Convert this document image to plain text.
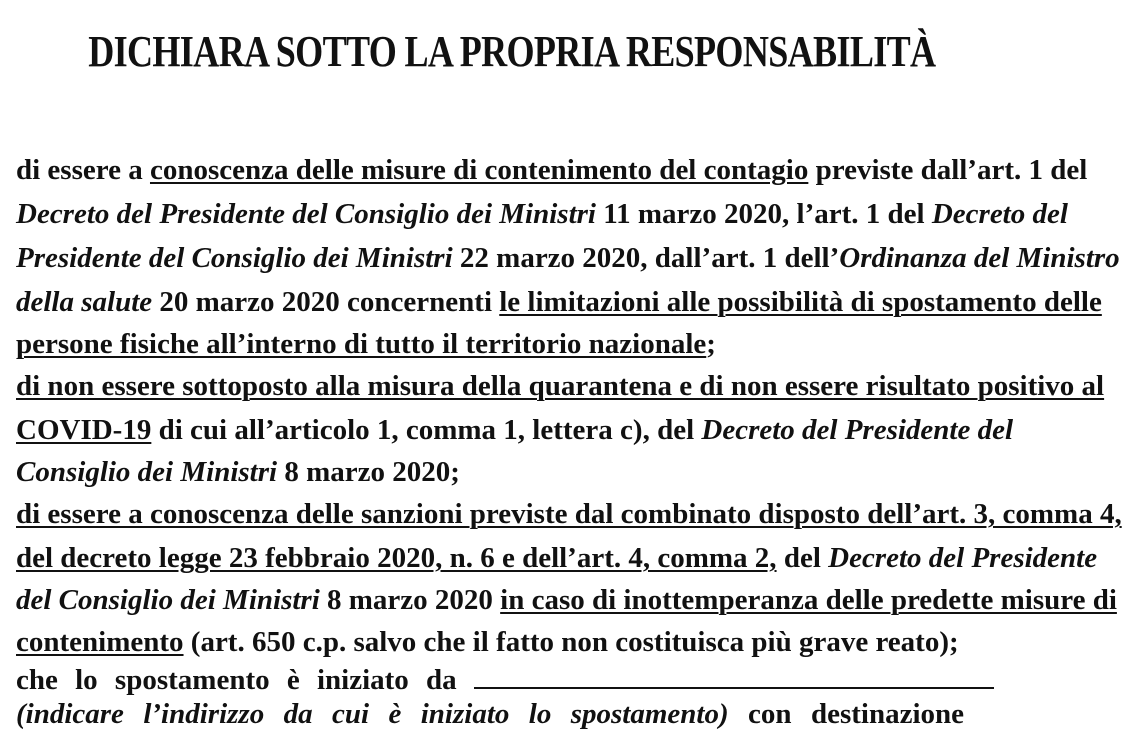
DICHIARA SOTTO LA PROPRIA RESPONSABILITÀ
di essere a conoscenza delle misure di contenimento del contagio previste dall’art. 1 del
Decreto del Presidente del Consiglio dei Ministri 11 marzo 2020, l’art. 1 del Decreto del
Presidente del Consiglio dei Ministri 22 marzo 2020, dall’art. 1 dell’Ordinanza del Ministro
della salute 20 marzo 2020 concernenti le limitazioni alle possibilità di spostamento delle
persone fisiche all’interno di tutto il territorio nazionale;
di non essere sottoposto alla misura della quarantena e di non essere risultato positivo al
COVID-19 di cui all’articolo 1, comma 1, lettera c), del Decreto del Presidente del
Consiglio dei Ministri 8 marzo 2020;
di essere a conoscenza delle sanzioni previste dal combinato disposto dell’art. 3, comma 4,
del decreto legge 23 febbraio 2020, n. 6 e dell’art. 4, comma 2, del Decreto del Presidente
del Consiglio dei Ministri 8 marzo 2020 in caso di inottemperanza delle predette misure di
contenimento (art. 650 c.p. salvo che il fatto non costituisca più grave reato);
che lo spostamento è iniziato da
(indicare l’indirizzo da cui è iniziato lo spostamento) con destinazione
